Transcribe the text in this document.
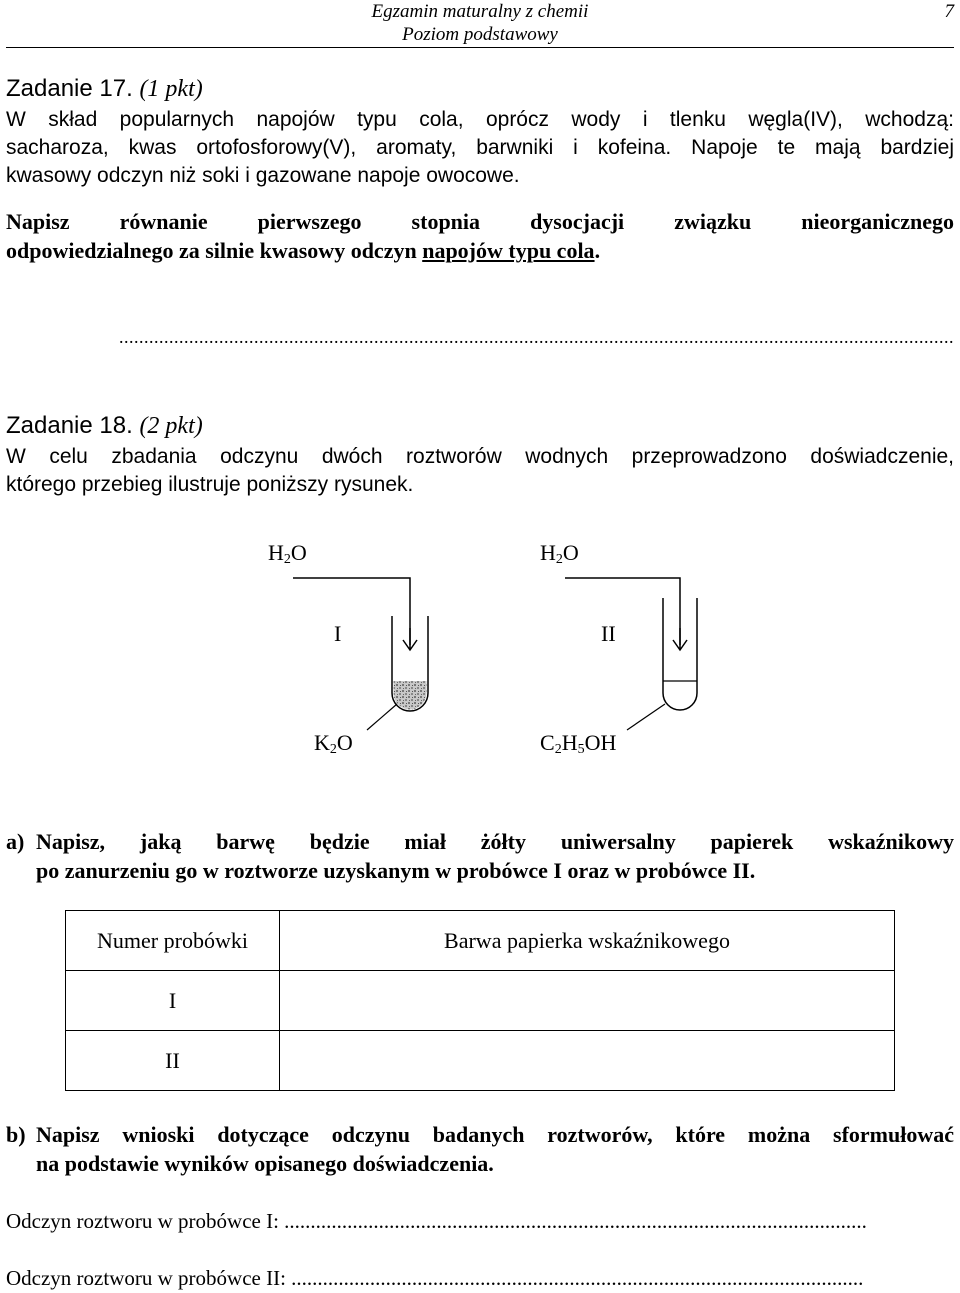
Egzamin maturalny z chemii
Poziom podstawowy
7
Zadanie 17. (1 pkt)
W skład popularnych napojów typu cola, oprócz wody i tlenku węgla(IV), wchodzą:
sacharoza, kwas ortofosforowy(V), aromaty, barwniki i kofeina. Napoje te mają bardziej
kwasowy odczyn niż soki i gazowane napoje owocowe.
Napisz równanie pierwszego stopnia dysocjacji związku nieorganicznego
odpowiedzialnego za silnie kwasowy odczyn napojów typu cola.
.......................................................................................................................................................................
Zadanie 18. (2 pkt)
W celu zbadania odczynu dwóch roztworów wodnych przeprowadzono doświadczenie,
którego przebieg ilustruje poniższy rysunek.
$H_2O$	$H_2O$
I	II
$K_2O$	$C_2H_5OH$
a) Napisz, jaką barwę będzie miał żółty uniwersalny papierek wskaźnikowy
po zanurzeniu go w roztworze uzyskanym w probówce I oraz w probówce II.
Numer probówki	Barwa papierka wskaźnikowego
I	
II	
b) Napisz wnioski dotyczące odczynu badanych roztworów, które można sformułować
na podstawie wyników opisanego doświadczenia.
Odczyn roztworu w probówce I: ...............................................................................................................
Odczyn roztworu w probówce II: .............................................................................................................
